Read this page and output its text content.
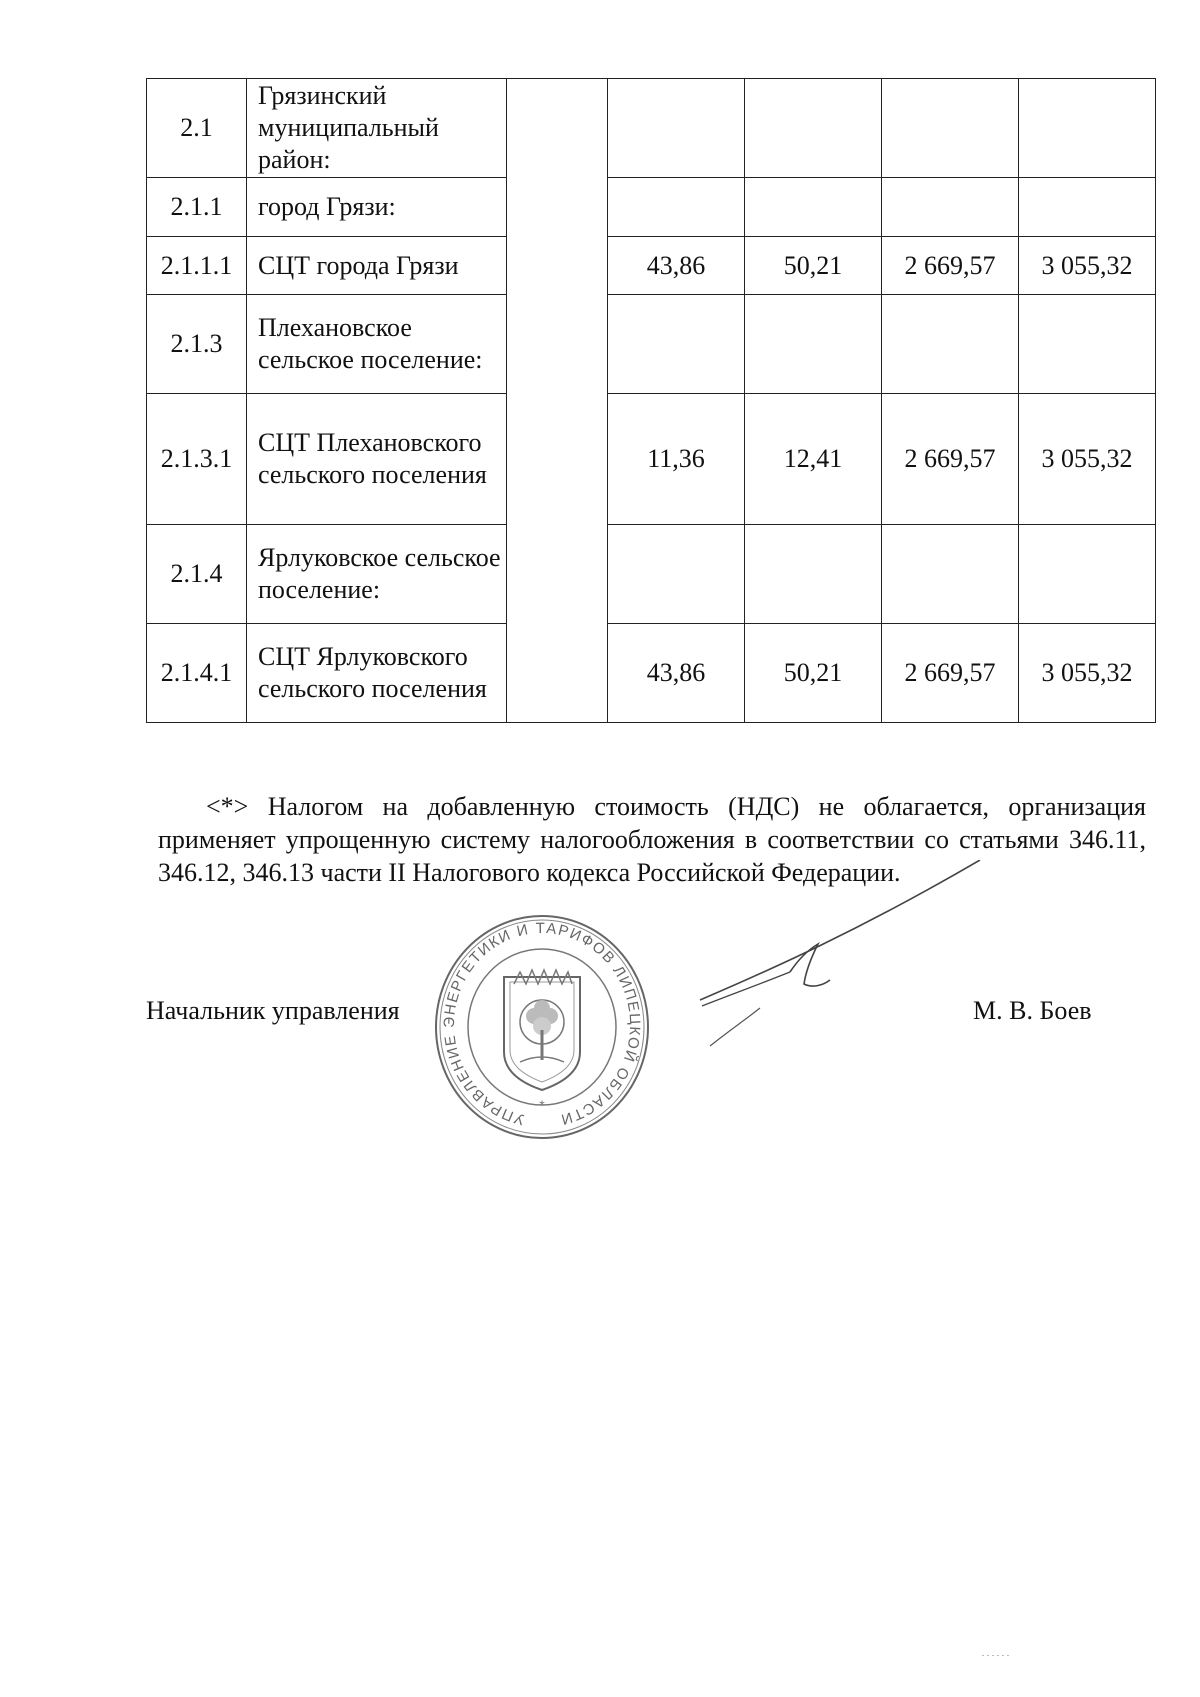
2.1	Грязинский муниципальный район:					
2.1.1	город Грязи:					
2.1.1.1	СЦТ города Грязи		43,86	50,21	2 669,57	3 055,32
2.1.3	Плехановское сельское поселение:					
2.1.3.1	СЦТ Плехановского сельского поселения		11,36	12,41	2 669,57	3 055,32
2.1.4	Ярлуковское сельское поселение:					
2.1.4.1	СЦТ Ярлуковского сельского поселения		43,86	50,21	2 669,57	3 055,32

<*> Налогом на добавленную стоимость (НДС) не облагается, организация применяет упрощенную систему налогообложения в соответствии со статьями 346.11, 346.12, 346.13 части II Налогового кодекса Российской Федерации.

Начальник управления
УПРАВЛЕНИЕ ЭНЕРГЕТИКИ И ТАРИФОВ ЛИПЕЦКОЙ ОБЛАСТИ
*
М. В. Боев
